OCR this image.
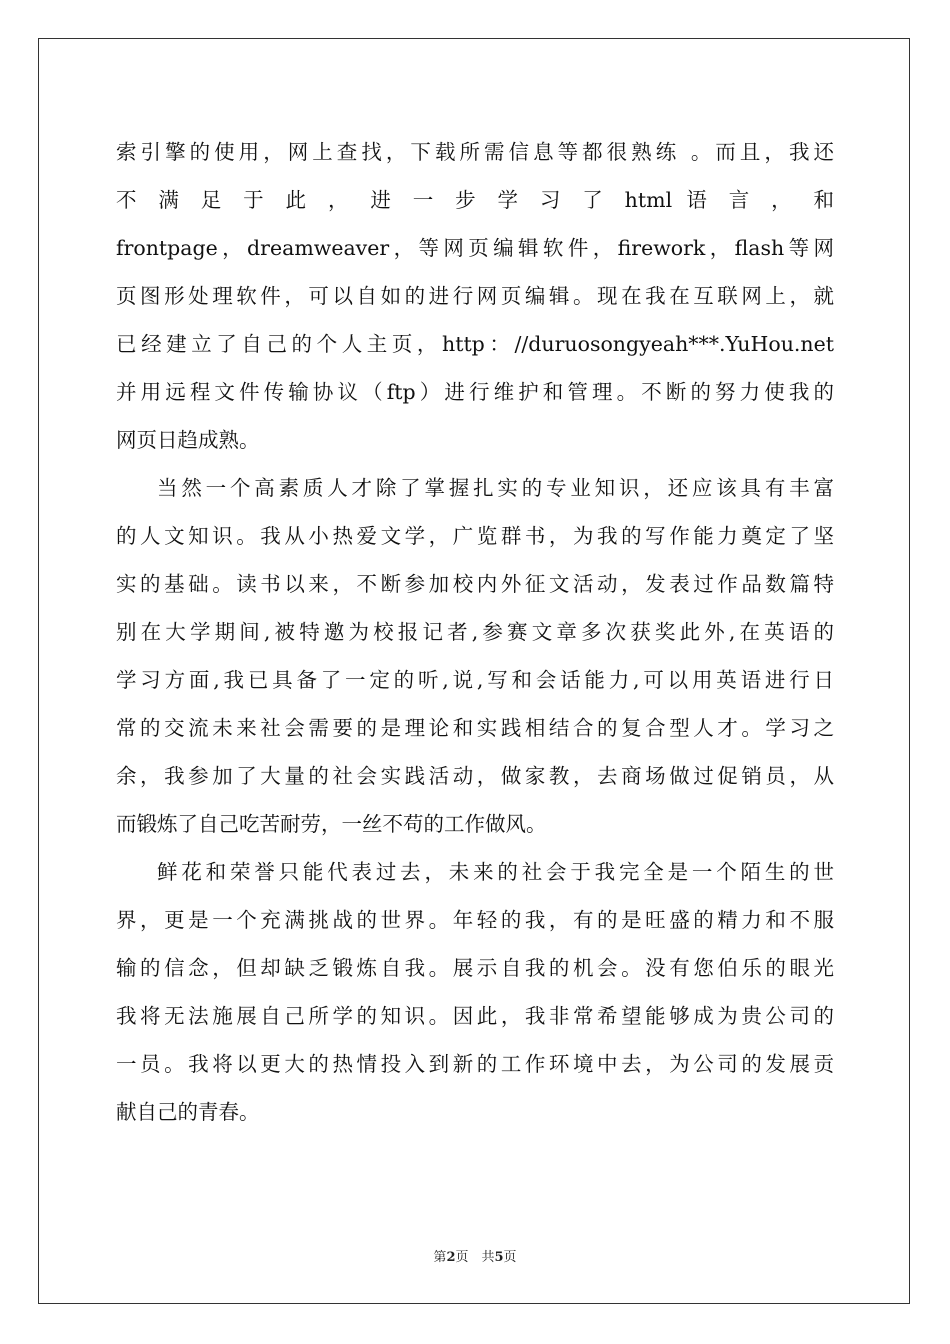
索引擎的使用，网上查找，下载所需信息等都很熟练 。而且，我还
不 满 足 于 此 ， 进 一 步 学 习 了 html 语 言 ， 和
frontpage，dreamweaver，等网页编辑软件，firework，flash等网
页图形处理软件，可以自如的进行网页编辑。现在我在互联网上，就
已经建立了自己的个人主页，http：//duruosongyeah***.YuHou.net
并用远程文件传输协议（ftp）进行维护和管理。不断的努力使我的
网页日趋成熟。
当然一个高素质人才除了掌握扎实的专业知识，还应该具有丰富
的人文知识。我从小热爱文学，广览群书，为我的写作能力奠定了坚
实的基础。读书以来，不断参加校内外征文活动，发表过作品数篇特
别在大学期间,被特邀为校报记者,参赛文章多次获奖此外,在英语的
学习方面,我已具备了一定的听,说,写和会话能力,可以用英语进行日
常的交流未来社会需要的是理论和实践相结合的复合型人才。学习之
余，我参加了大量的社会实践活动，做家教，去商场做过促销员，从
而锻炼了自己吃苦耐劳，一丝不苟的工作做风。
鲜花和荣誉只能代表过去，未来的社会于我完全是一个陌生的世
界，更是一个充满挑战的世界。年轻的我，有的是旺盛的精力和不服
输的信念，但却缺乏锻炼自我。展示自我的机会。没有您伯乐的眼光
我将无法施展自己所学的知识。因此，我非常希望能够成为贵公司的
一员。我将以更大的热情投入到新的工作环境中去，为公司的发展贡
献自己的青春。
第2页　共5页
